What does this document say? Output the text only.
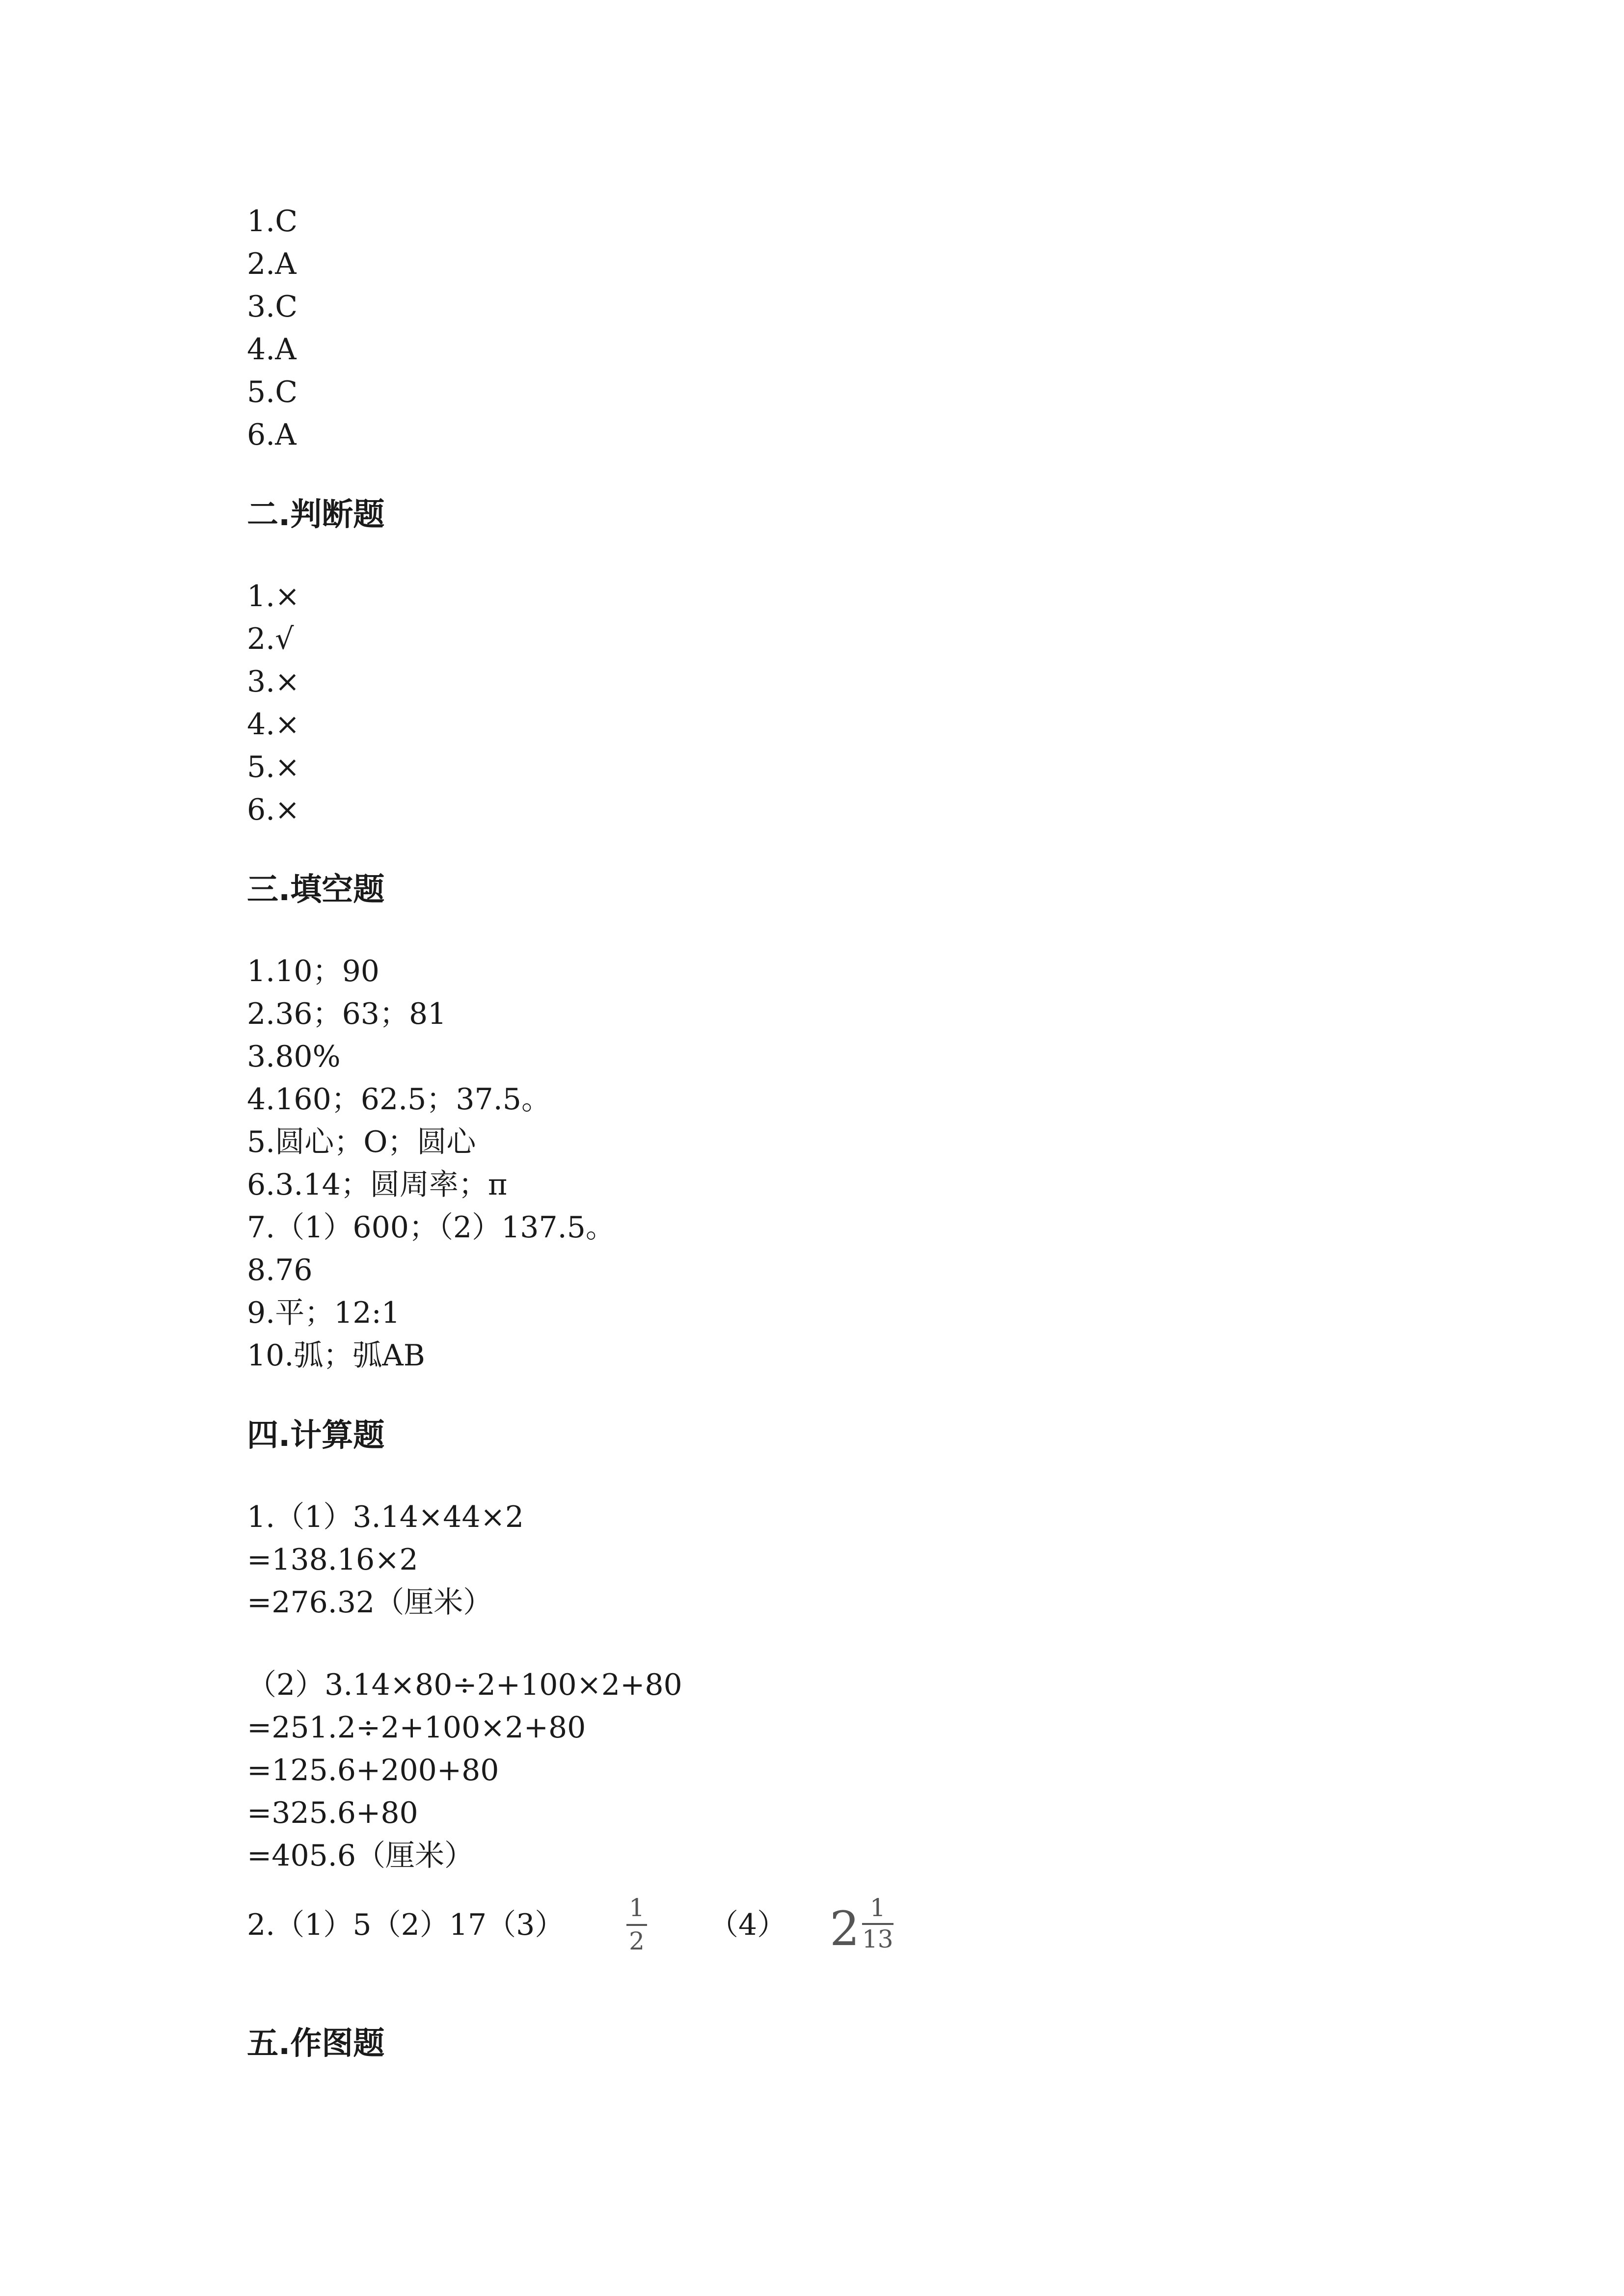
1.C
2.A
3.C
4.A
5.C
6.A
二.判断题
1.×
2.√
3.×
4.×
5.×
6.×
三.填空题
1.10；90
2.36；63；81
3.80%
4.160；62.5；37.5。
5.圆心；O；圆心
6.3.14；圆周率；π
7.（1）600；（2）137.5。
8.76
9.平；12:1
10.弧；弧AB
四.计算题
1.（1）3.14×44×2
=138.16×2
=276.32（厘米）
（2）3.14×80÷2+100×2+80
=251.2÷2+100×2+80
=125.6+200+80
=325.6+80
=405.6（厘米）
2.（1）5（2）17（3）	1
2 （4） 2 1
13
五.作图题
